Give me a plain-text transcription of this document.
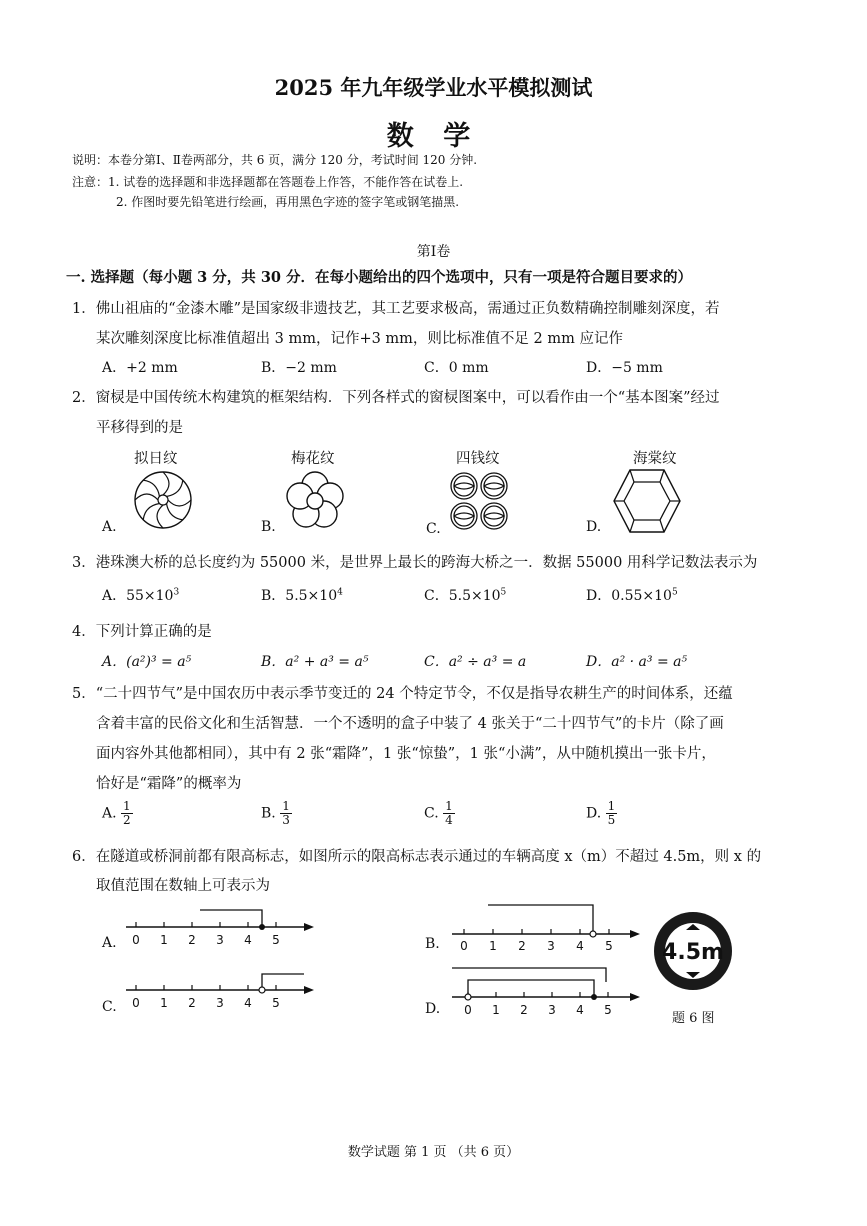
2025 年九年级学业水平模拟测试
数 学
说明：本卷分第Ⅰ、Ⅱ卷两部分，共 6 页，满分 120 分，考试时间 120 分钟.
注意：1. 试卷的选择题和非选择题都在答题卷上作答，不能作答在试卷上.
2. 作图时要先铅笔进行绘画，再用黑色字迹的签字笔或钢笔描黑.
第Ⅰ卷
一. 选择题（每小题 3 分，共 30 分．在每小题给出的四个选项中，只有一项是符合题目要求的）
1．佛山祖庙的“金漆木雕”是国家级非遗技艺，其工艺要求极高，需通过正负数精确控制雕刻深度，若
某次雕刻深度比标准值超出 3 mm，记作+3 mm，则比标准值不足 2 mm 应记作
A．+2 mm	B．−2 mm	C．0 mm	D．−5 mm
2．窗棂是中国传统木构建筑的框架结构．下列各样式的窗棂图案中，可以看作由一个“基本图案”经过
平移得到的是
拟日纹	梅花纹	四钱纹	海棠纹
A.	B.	C.	D.
3．港珠澳大桥的总长度约为 55000 米，是世界上最长的跨海大桥之一．数据 55000 用科学记数法表示为
A．$55\times 10^3$	B．$5.5\times 10^4$	C．$5.5\times 10^5$	D．$0.55\times 10^5$
4．下列计算正确的是
A．(a²)³ = a⁵	B．a² + a³ = a⁵	C．a² ÷ a³ = a	D．a² · a³ = a⁵
5．“二十四节气”是中国农历中表示季节变迁的 24 个特定节令，不仅是指导农耕生产的时间体系，还蕴
含着丰富的民俗文化和生活智慧．一个不透明的盒子中装了 4 张关于“二十四节气”的卡片（除了画
面内容外其他都相同），其中有 2 张“霜降”，1 张“惊蛰”，1 张“小满”，从中随机摸出一张卡片，
恰好是“霜降”的概率为
A. $\frac{1}{2}$	B. $\frac{1}{3}$	C. $\frac{1}{4}$	D. $\frac{1}{5}$
6．在隧道或桥洞前都有限高标志，如图所示的限高标志表示通过的车辆高度 x（m）不超过 4.5m，则 x 的
取值范围在数轴上可表示为
A.	B.
C.	D.
0 1 2 3 4 5	0 1 2 3 4 5
0 1 2 3 4 5	0 1 2 3 4 5
4.5m
题 6 图
数学试题 第 1 页 （共 6 页）
